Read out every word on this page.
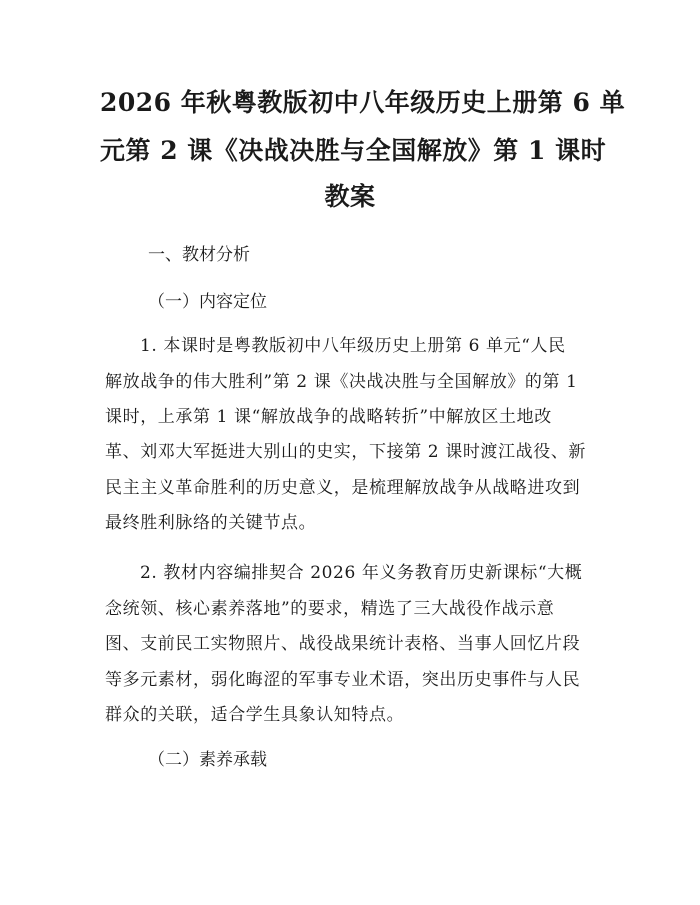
2026 年秋粤教版初中八年级历史上册第 6 单
元第 2 课《决战决胜与全国解放》第 1 课时
教案
一、教材分析
（一）内容定位
1. 本课时是粤教版初中八年级历史上册第 6 单元“人民
解放战争的伟大胜利”第 2 课《决战决胜与全国解放》的第 1
课时，上承第 1 课“解放战争的战略转折”中解放区土地改
革、刘邓大军挺进大别山的史实，下接第 2 课时渡江战役、新
民主主义革命胜利的历史意义，是梳理解放战争从战略进攻到
最终胜利脉络的关键节点。
2. 教材内容编排契合 2026 年义务教育历史新课标“大概
念统领、核心素养落地”的要求，精选了三大战役作战示意
图、支前民工实物照片、战役战果统计表格、当事人回忆片段
等多元素材，弱化晦涩的军事专业术语，突出历史事件与人民
群众的关联，适合学生具象认知特点。
（二）素养承载
